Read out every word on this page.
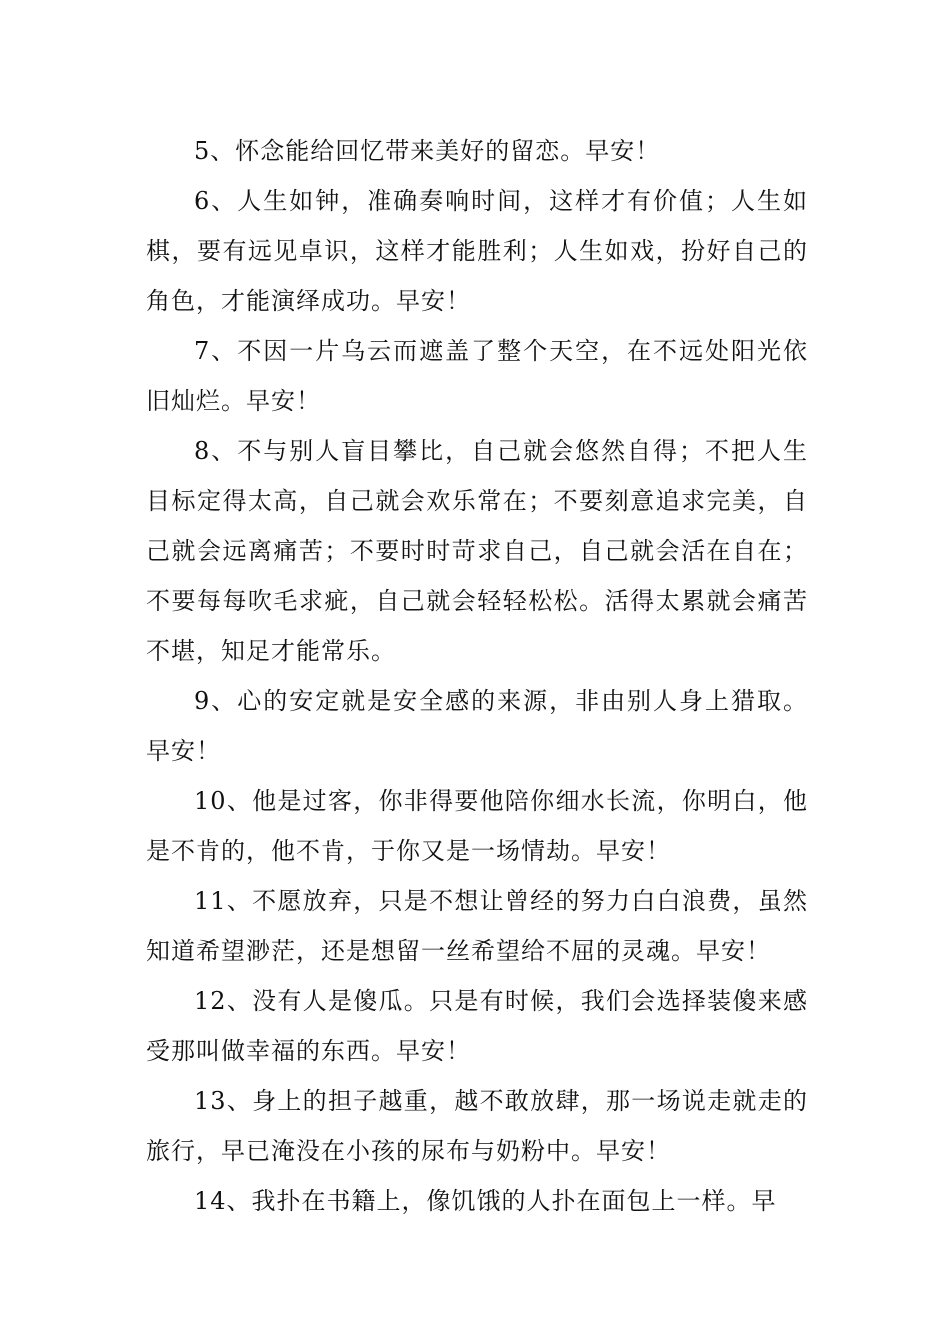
5、怀念能给回忆带来美好的留恋。早安！

6、人生如钟，准确奏响时间，这样才有价值；人生如棋，要有远见卓识，这样才能胜利；人生如戏，扮好自己的角色，才能演绎成功。早安！

7、不因一片乌云而遮盖了整个天空，在不远处阳光依旧灿烂。早安！

8、不与别人盲目攀比，自己就会悠然自得；不把人生目标定得太高，自己就会欢乐常在；不要刻意追求完美，自己就会远离痛苦；不要时时苛求自己，自己就会活在自在；不要每每吹毛求疵，自己就会轻轻松松。活得太累就会痛苦不堪，知足才能常乐。

9、心的安定就是安全感的来源，非由别人身上猎取。早安！

10、他是过客，你非得要他陪你细水长流，你明白，他是不肯的，他不肯，于你又是一场情劫。早安！

11、不愿放弃，只是不想让曾经的努力白白浪费，虽然知道希望渺茫，还是想留一丝希望给不屈的灵魂。早安！

12、没有人是傻瓜。只是有时候，我们会选择装傻来感受那叫做幸福的东西。早安！

13、身上的担子越重，越不敢放肆，那一场说走就走的旅行，早已淹没在小孩的尿布与奶粉中。早安！

14、我扑在书籍上，像饥饿的人扑在面包上一样。早
